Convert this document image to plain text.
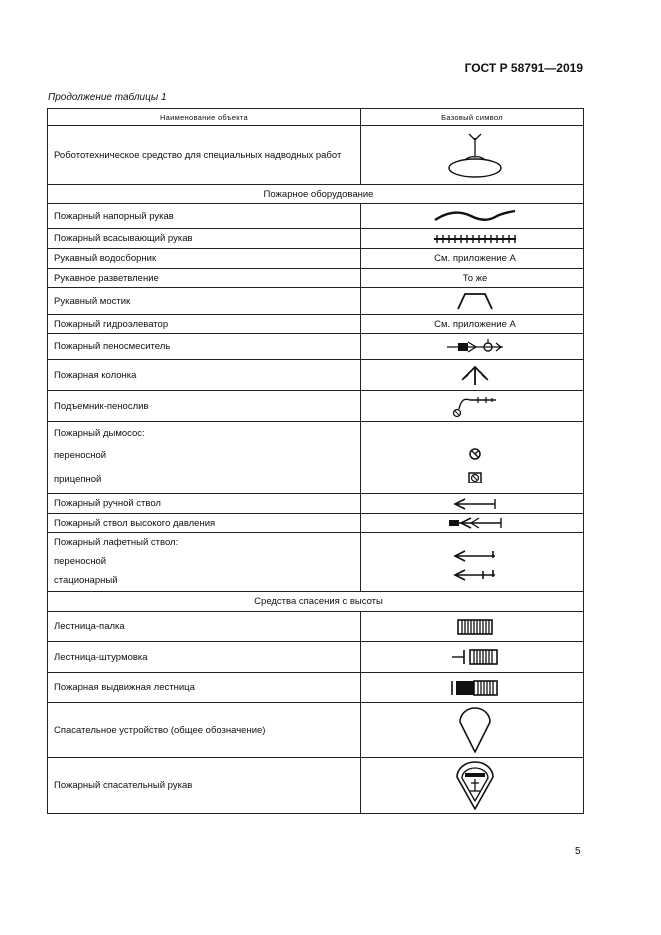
ГОСТ Р 58791—2019
Продолжение таблицы 1
Наименование объекта	Базовый символ
Робототехническое средство для специальных надводных работ	

Пожарное оборудование	
Пожарный напорный рукав	

Пожарный всасывающий рукав	

Рукавный водосборник	См. приложение А
Рукавное разветвление	То же
Рукавный мостик	

Пожарный гидроэлеватор	См. приложение А
Пожарный пеносмеситель	

Пожарная колонка	

Подъемник-пенослив	

Пожарный дымосос:
переносной
прицепной

Пожарный ручной ствол	

Пожарный ствол высокого давления	

Пожарный лафетный ствол:
переносной
стационарный

Средства спасения с высоты	
Лестница-палка	

Лестница-штурмовка	

Пожарная выдвижная лестница	

Спасательное устройство (общее обозначение)	

Пожарный спасательный рукав	
5
